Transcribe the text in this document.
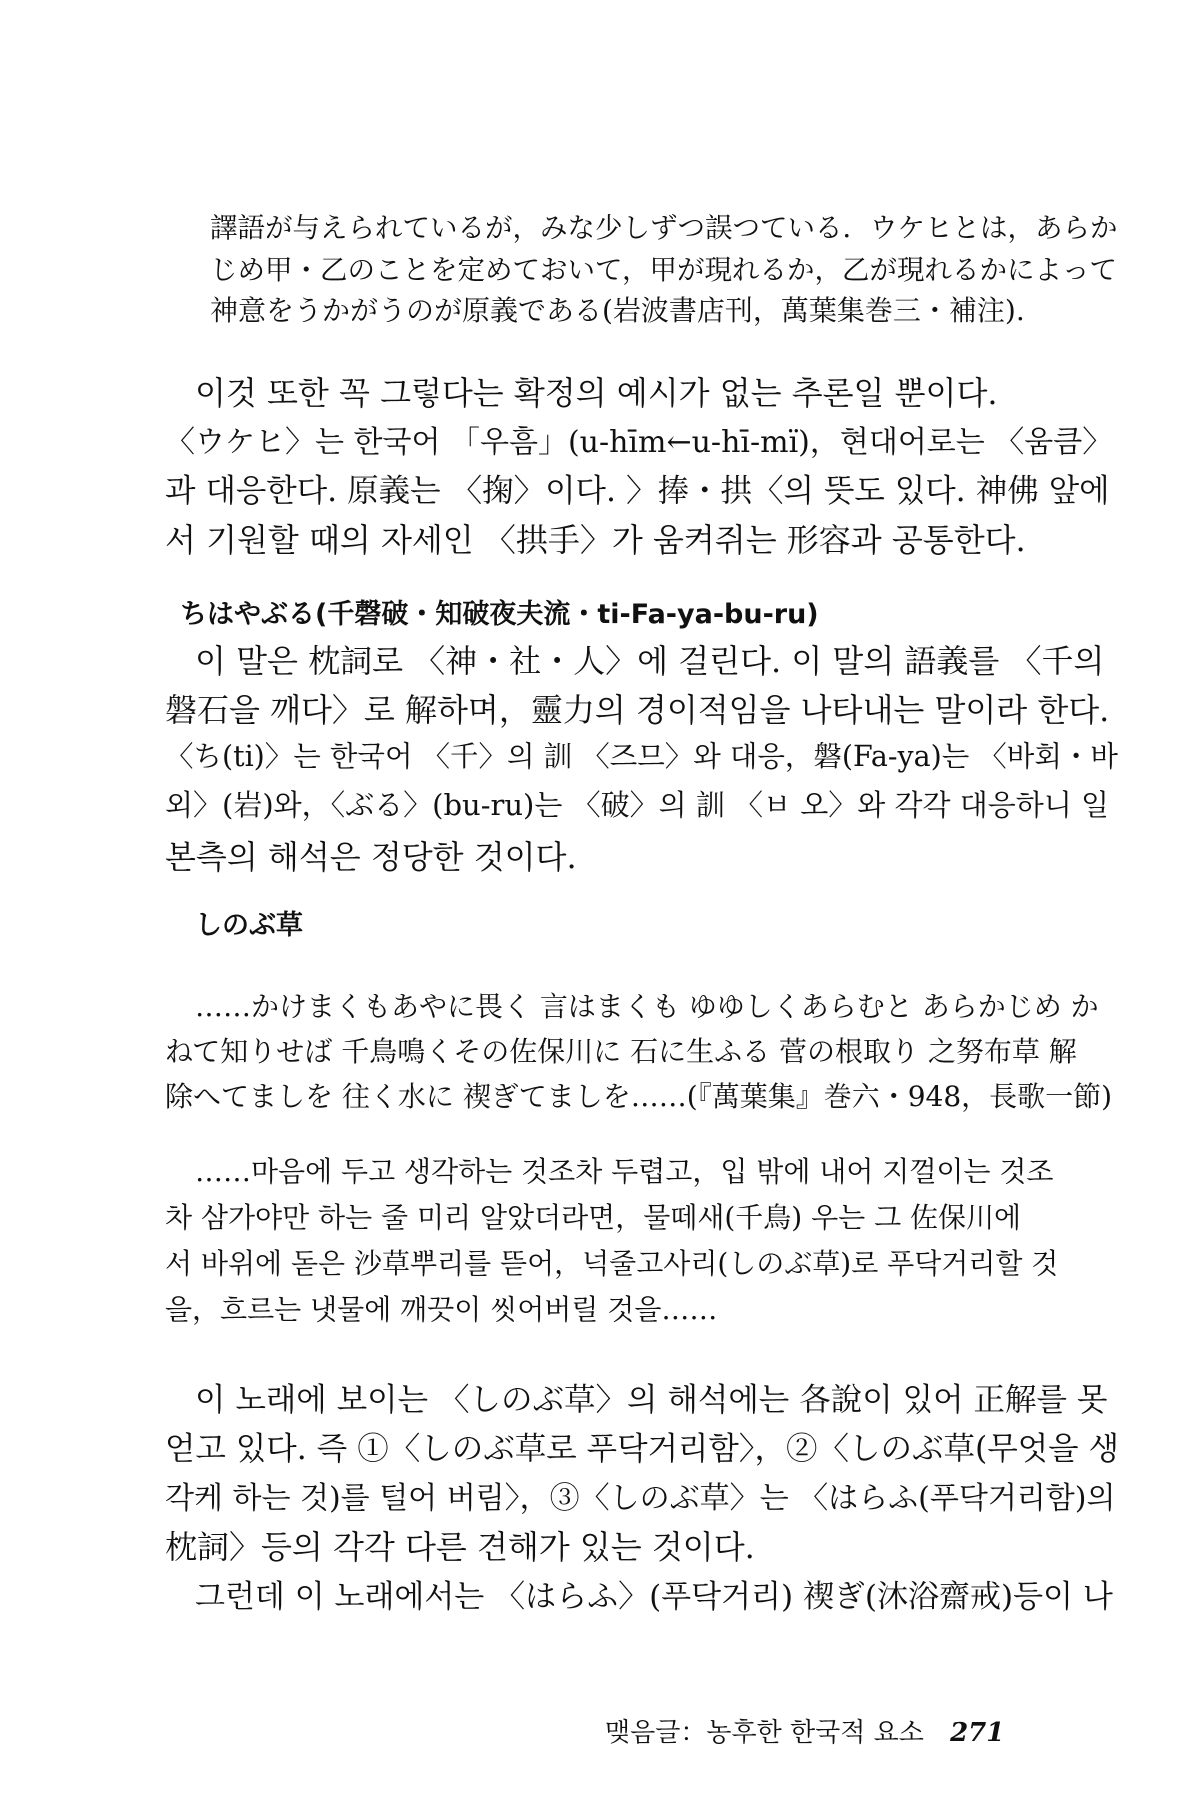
譯語が与えられているが，みな少しずつ誤つている．ウケヒとは，あらか

じめ甲・乙のことを定めておいて，甲が現れるか，乙が現れるかによって

神意をうかがうのが原義である(岩波書店刊，萬葉集巻三・補注).

이것 또한 꼭 그렇다는 확정의 예시가 없는 추론일 뿐이다.

〈ウケヒ〉는 한국어 「우흠」(u-hīm←u-hī-mï)，현대어로는 〈움큼〉

과 대응한다. 原義는 〈掬〉이다. 〉捧・拱〈의 뜻도 있다. 神佛 앞에

서 기원할 때의 자세인 〈拱手〉가 움켜쥐는 形容과 공통한다.

ちはやぶる(千磬破・知破夜夫流・ti-Fa-ya-bu-ru)

이 말은 枕詞로 〈神・社・人〉에 걸린다. 이 말의 語義를 〈千의

磐石을 깨다〉로 解하며，靈力의 경이적임을 나타내는 말이라 한다.

〈ち(ti)〉는 한국어 〈千〉의 訓 〈즈므〉와 대응，磐(Fa-ya)는 〈바회・바

외〉(岩)와，〈ぶる〉(bu-ru)는 〈破〉의 訓 〈ㅂ 오〉와 각각 대응하니 일

본측의 해석은 정당한 것이다.

しのぶ草

……かけまくもあやに畏く 言はまくも ゆゆしくあらむと あらかじめ か

ねて知りせば 千鳥鳴くその佐保川に 石に生ふる 菅の根取り 之努布草 解

除へてましを 往く水に 禊ぎてましを……(『萬葉集』巻六・948，長歌一節)

……마음에 두고 생각하는 것조차 두렵고，입 밖에 내어 지껄이는 것조

차 삼가야만 하는 줄 미리 알았더라면，물떼새(千鳥) 우는 그 佐保川에

서 바위에 돋은 沙草뿌리를 뜯어，넉줄고사리(しのぶ草)로 푸닥거리할 것

을，흐르는 냇물에 깨끗이 씻어버릴 것을……

이 노래에 보이는 〈しのぶ草〉의 해석에는 各說이 있어 正解를 못

얻고 있다. 즉 ①〈しのぶ草로 푸닥거리함〉，②〈しのぶ草(무엇을 생

각케 하는 것)를 털어 버림〉，③〈しのぶ草〉는 〈はらふ(푸닥거리함)의

枕詞〉등의 각각 다른 견해가 있는 것이다.

그런데 이 노래에서는 〈はらふ〉(푸닥거리) 禊ぎ(沐浴齋戒)등이 나

맺음글：농후한 한국적 요소 271
